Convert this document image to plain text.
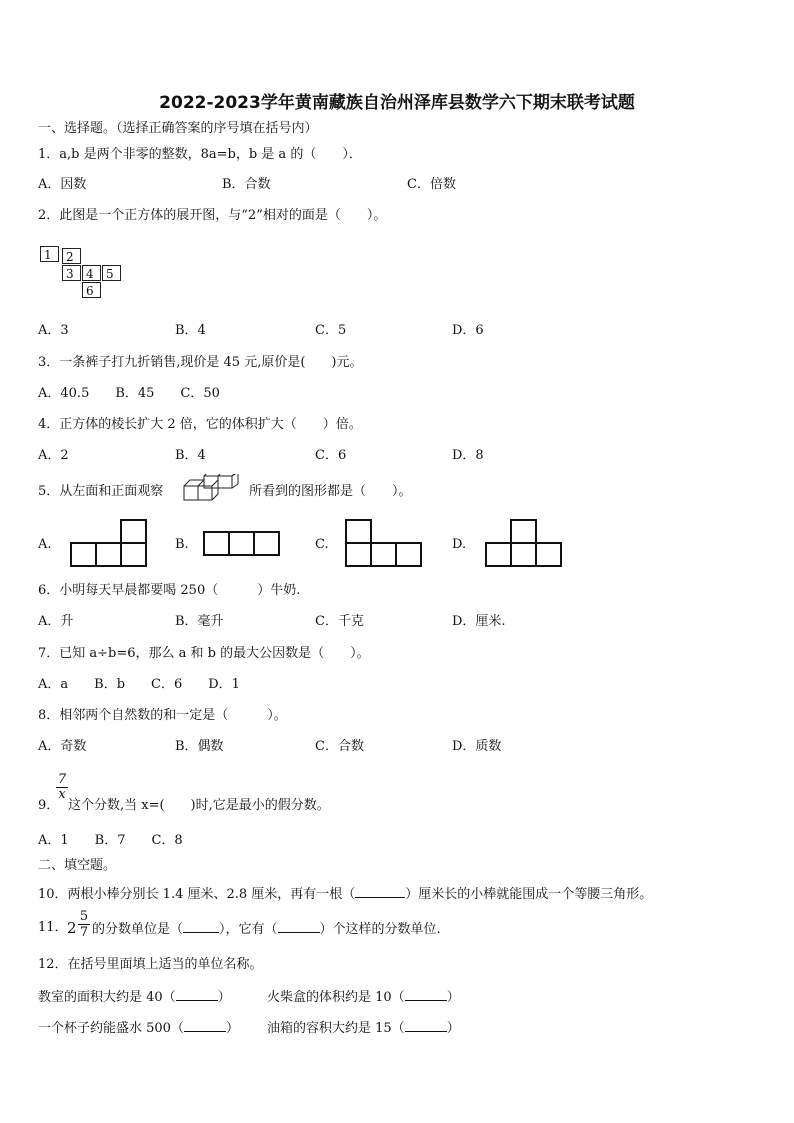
2022-2023学年黄南藏族自治州泽库县数学六下期末联考试题
一、选择题。（选择正确答案的序号填在括号内）
1．a,b 是两个非零的整数，8a=b，b 是 a 的（　　）．
A．因数	B．合数	C．倍数
2．此图是一个正方体的展开图，与“2”相对的面是（　　）。
1	2
3	4	5
6
A．3	B．4	C．5	D．6
3．一条裤子打九折销售,现价是 45 元,原价是(　　)元。
A．40.5　　B．45　　C．50
4．正方体的棱长扩大 2 倍，它的体积扩大（　　）倍。
A．2	B．4	C．6	D．8
5．从左面和正面观察	所看到的图形都是（　　）。
A.	B.	C.	D.
6．小明每天早晨都要喝 250（　　　）牛奶.
A．升	B．毫升	C．千克	D．厘米.
7．已知 a÷b=6，那么 a 和 b 的最大公因数是（　　）。
A．a　　B．b　　C．6　　D．1
8．相邻两个自然数的和一定是（　　　）。
A．奇数	B．偶数	C．合数	D．质数
$\frac{7}{x}$
9． 这个分数,当 x=(　　)时,它是最小的假分数。
A．1　　B．7　　C．8
二、填空题。
10．两根小棒分别长 1.4 厘米、2.8 厘米，再有一根（	）厘米长的小棒就能围成一个等腰三角形。
11． $2 \frac{5}{7}$ 的分数单位是（	），它有（	）个这样的分数单位.
12．在括号里面填上适当的单位名称。
教室的面积大约是 40（	）	火柴盒的体积约是 10（	）
一个杯子约能盛水 500（	） 油箱的容积大约是 15（	）
